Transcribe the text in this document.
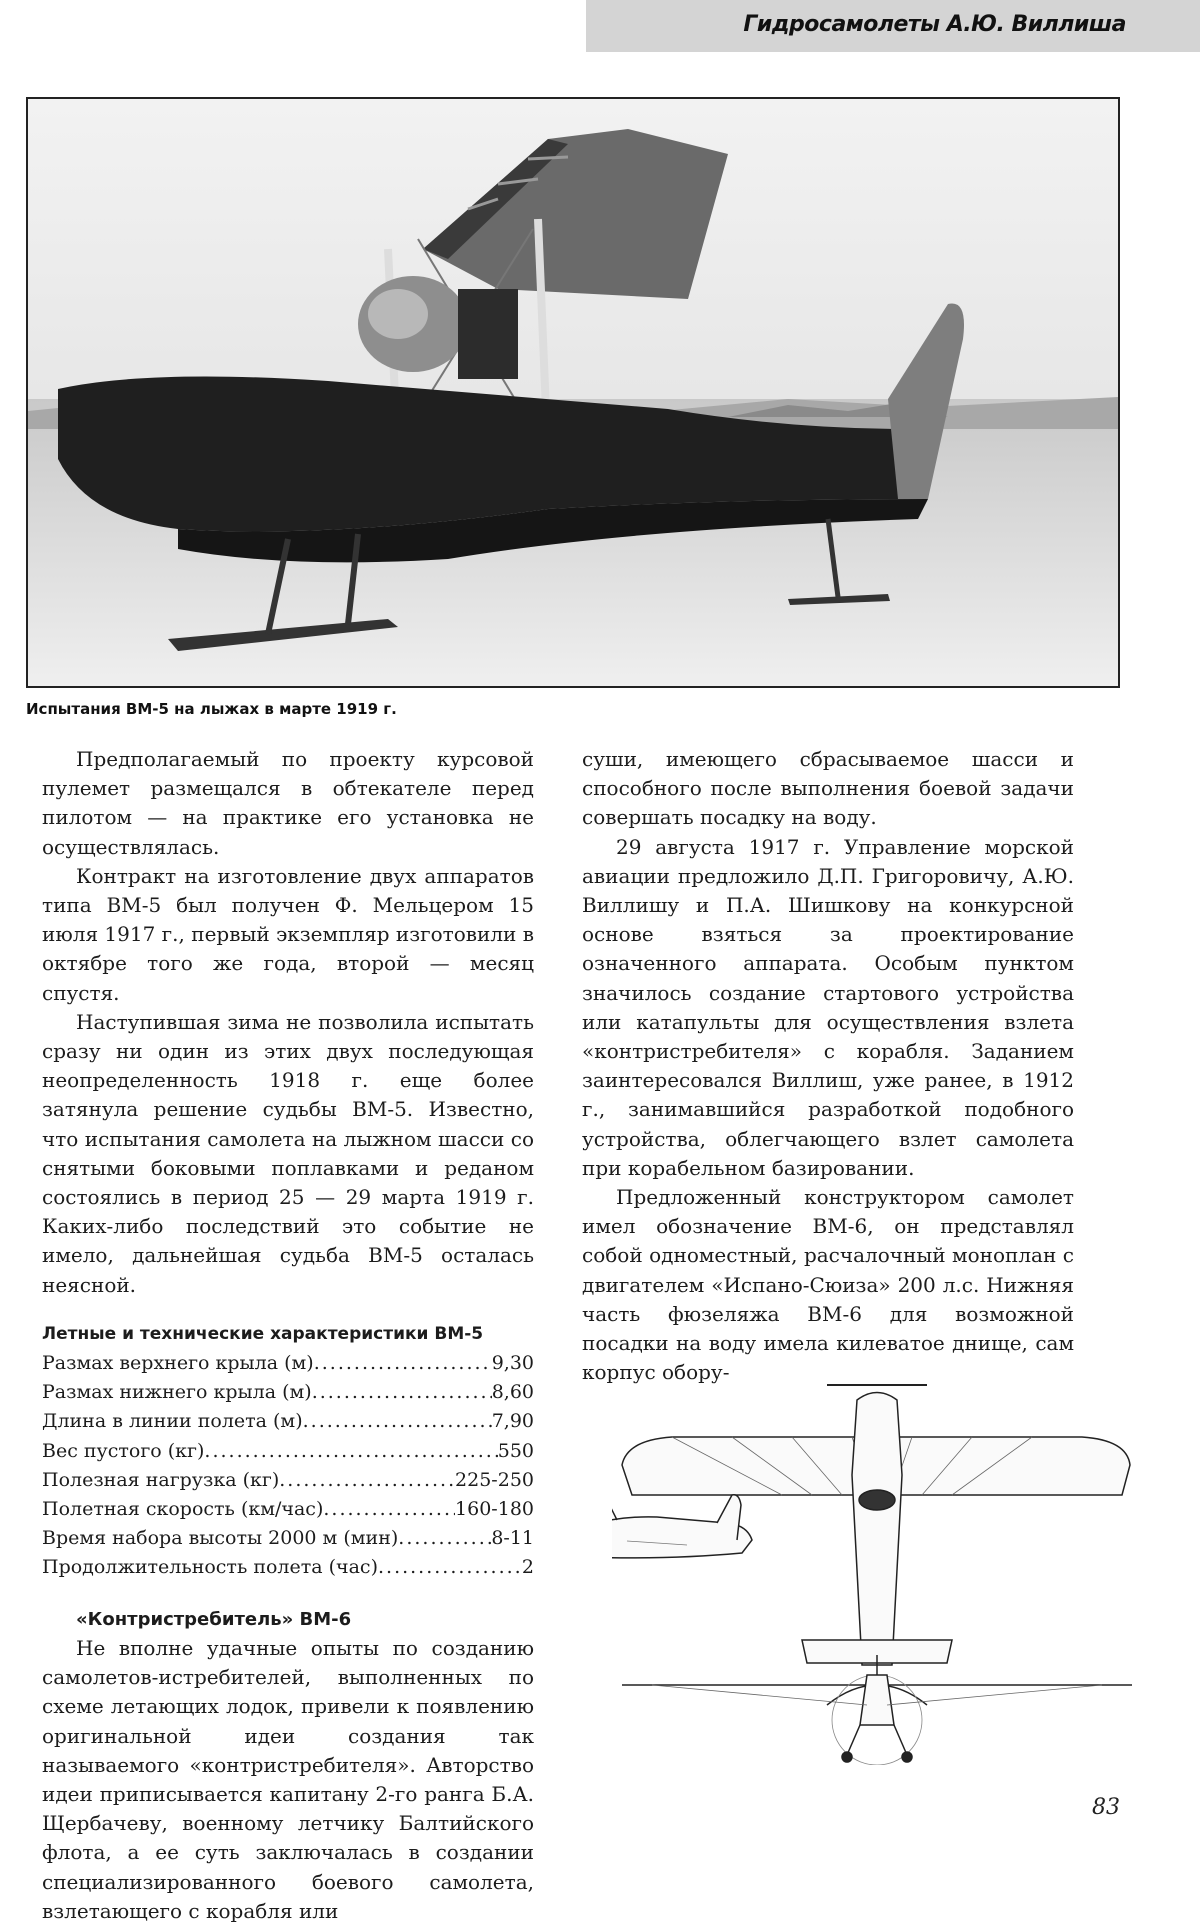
Гидросамолеты А.Ю. Виллиша
Испытания ВМ-5 на лыжах в марте 1919 г.

Предполагаемый по проекту курсовой пулемет размещался в обтекателе перед пилотом — на практике его установка не осуществлялась.

Контракт на изготовление двух аппаратов типа ВМ-5 был получен Ф. Мельцером 15 июля 1917 г., первый экземпляр изготовили в октябре того же года, второй — месяц спустя.

Наступившая зима не позволила испытать сразу ни один из этих двух последующая неопределенность 1918 г. еще более затянула решение судьбы ВМ-5. Известно, что испытания самолета на лыжном шасси со снятыми боковыми поплавками и реданом состоялись в период 25 — 29 марта 1919 г. Каких-либо последствий это событие не имело, дальнейшая судьба ВМ-5 осталась неясной.

Летные и технические характеристики ВМ-5
Размах верхнего крыла (м) .....	9,30
Размах нижнего крыла (м) .....	8,60
Длина в линии полета (м) .....	7,90
Вес пустого (кг) .....	550
Полезная нагрузка (кг) .....	225-250
Полетная скорость (км/час) .....	160-180
Время набора высоты 2000 м (мин) .....	8-11
Продолжительность полета (час) .....	2
«Контристребитель» ВМ-6

Не вполне удачные опыты по созданию самолетов-истребителей, выполненных по схеме летающих лодок, привели к появлению оригинальной идеи создания так называемого «контристребителя». Авторство идеи приписывается капитану 2-го ранга Б.А. Щербачеву, военному летчику Балтийского флота, а ее суть заключалась в создании специализированного боевого самолета, взлетающего с корабля или

суши, имеющего сбрасываемое шасси и способного после выполнения боевой задачи совершать посадку на воду.

29 августа 1917 г. Управление морской авиации предложило Д.П. Григоровичу, А.Ю. Виллишу и П.А. Шишкову на конкурсной основе взяться за проектирование означенного аппарата. Особым пунктом значилось создание стартового устройства или катапульты для осуществления взлета «контристребителя» с корабля. Заданием заинтересовался Виллиш, уже ранее, в 1912 г., занимавшийся разработкой подобного устройства, облегчающего взлет самолета при корабельном базировании.

Предложенный конструктором самолет имел обозначение ВМ-6, он представлял собой одноместный, расчалочный моноплан с двигателем «Испано-Сюиза» 200 л.с. Нижняя часть фюзеляжа ВМ-6 для возможной посадки на воду имела килеватое днище, сам корпус обору-

83
